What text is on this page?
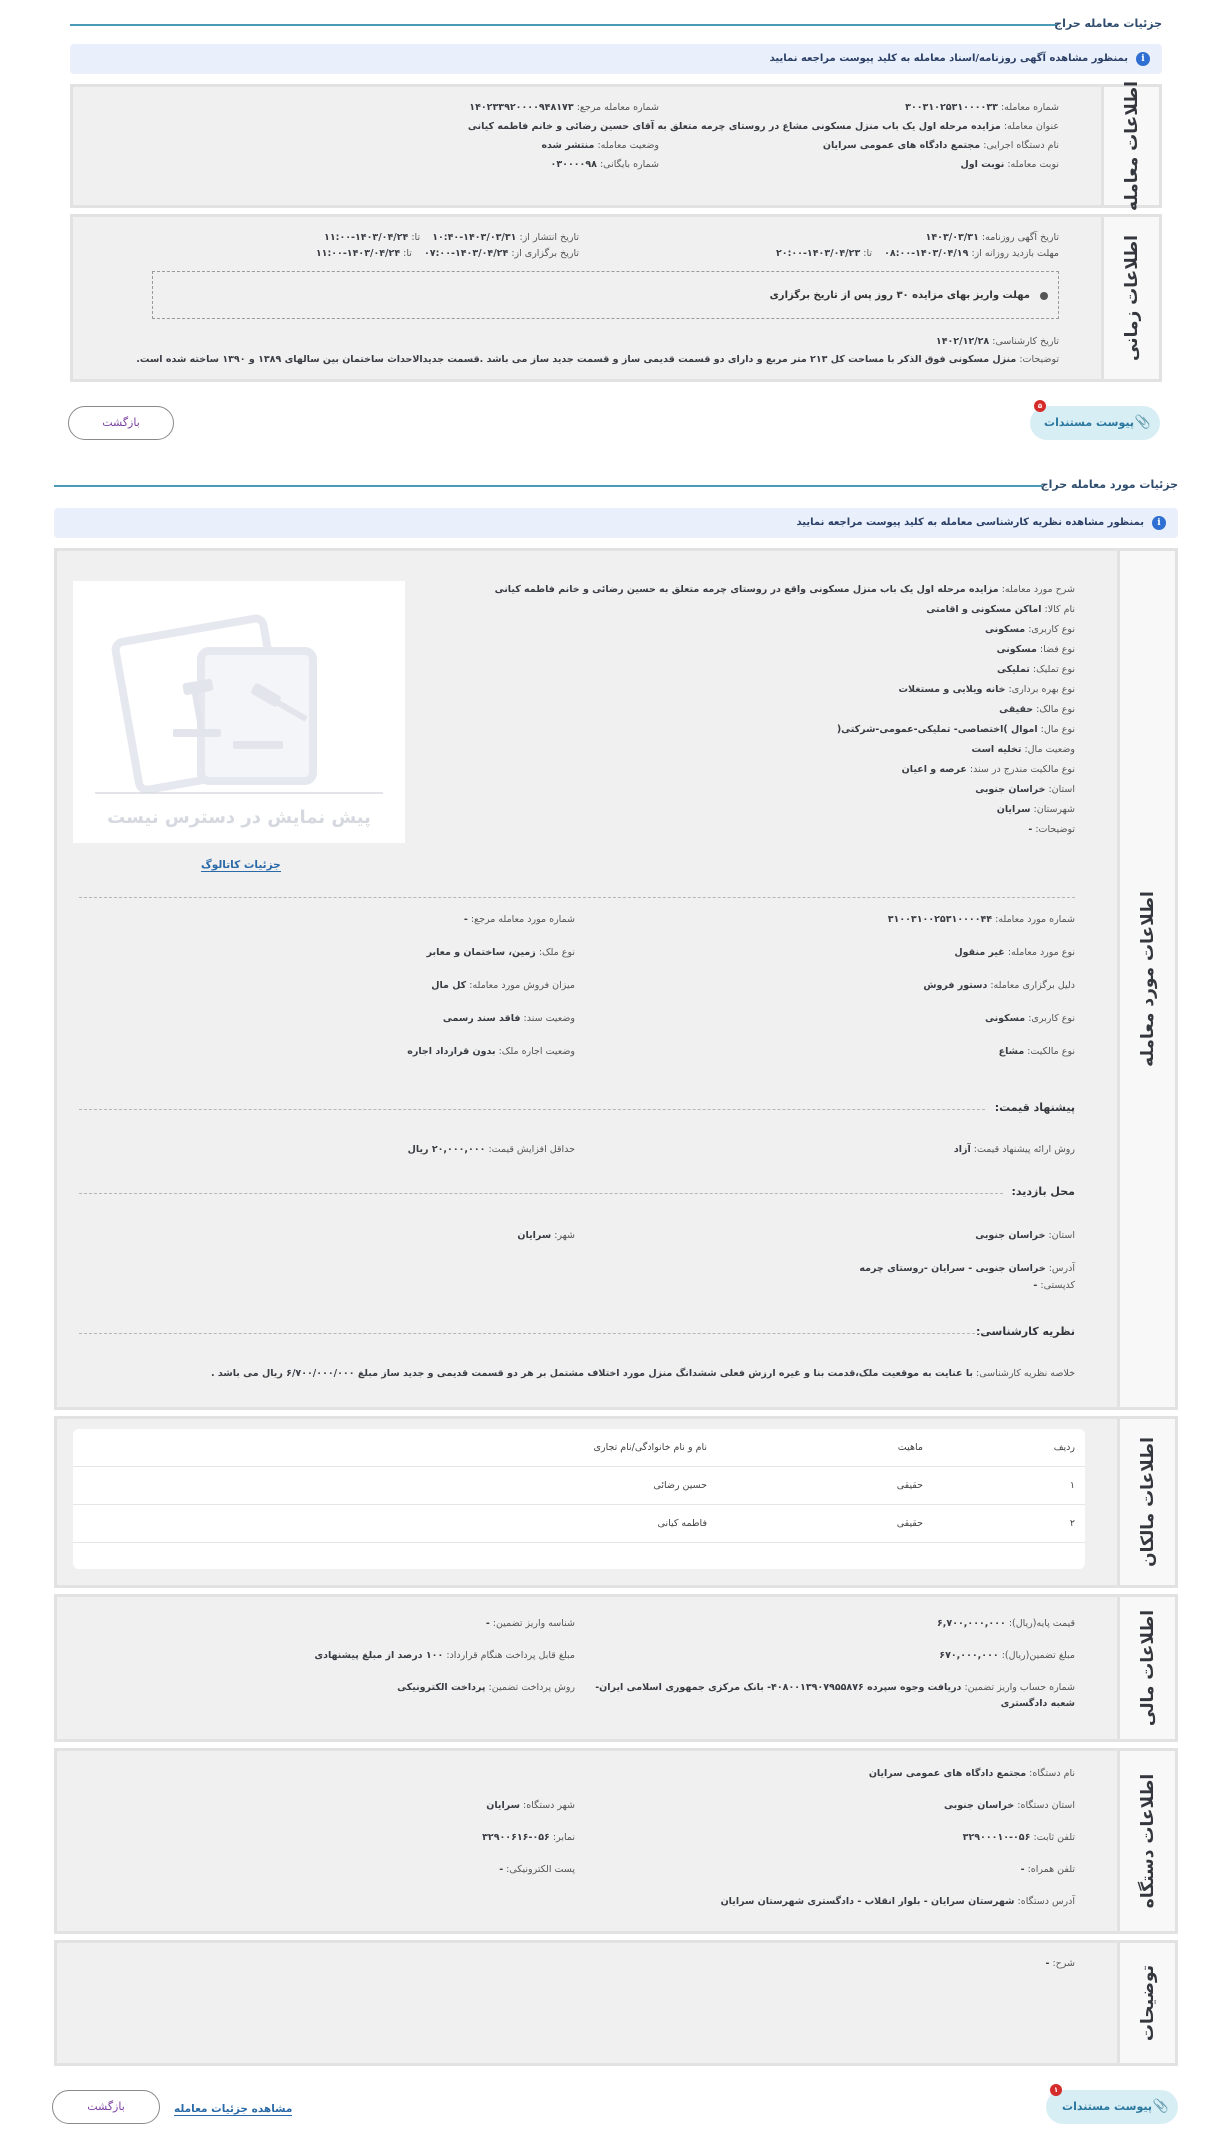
جزئیات معامله حراج
i
بمنظور مشاهده آگهی روزنامه/اسناد معامله به کلید پیوست مراجعه نمایید
اطلاعات معامله
شماره معامله: ۳۰۰۳۱۰۲۵۳۱۰۰۰۰۳۳
عنوان معامله: مزایده مرحله اول یک باب منزل مسکونی مشاع در روستای چرمه متعلق به آقای حسین رضائی و خانم فاطمه کیانی
نام دستگاه اجرایی: مجتمع دادگاه های عمومی سرایان
نوبت معامله: نوبت اول
شماره معامله مرجع: ۱۴۰۲۳۳۹۲۰۰۰۰۹۴۸۱۷۳
وضعیت معامله: منتشر شده
شماره بایگانی: ۰۳۰۰۰۰۹۸
اطلاعات زمانی
تاریخ آگهی روزنامه: ۱۴۰۳/۰۳/۳۱
مهلت بازدید روزانه از: ۱۴۰۳/۰۴/۱۹-۰۸:۰۰    تا: ۱۴۰۳/۰۴/۲۳-۲۰:۰۰
تاریخ انتشار از: ۱۴۰۳/۰۳/۳۱-۱۰:۴۰    تا: ۱۴۰۳/۰۴/۲۴-۱۱:۰۰
تاریخ برگزاری از: ۱۴۰۳/۰۴/۲۴-۰۷:۰۰    تا: ۱۴۰۳/۰۴/۲۴-۱۱:۰۰
مهلت واریز بهای مزایده ۳۰ روز پس از تاریخ برگزاری
تاریخ کارشناسی: ۱۴۰۲/۱۲/۲۸
توضیحات: منزل مسکونی فوق الذکر با مساحت کل ۲۱۳ متر مربع و دارای دو قسمت قدیمی ساز و قسمت جدید ساز می باشد .قسمت جدیدالاحداث ساختمان بین سالهای ۱۳۸۹ و ۱۳۹۰ ساخته شده است.
📎
پیوست مستندات
۵
بازگشت
جزئیات مورد معامله حراج
i
بمنظور مشاهده نظریه کارشناسی معامله به کلید پیوست مراجعه نمایید
اطلاعات مورد معامله
پیش نمایش در دسترس نیست
جزئیات کاتالوگ
شرح مورد معامله: مزایده مرحله اول یک باب منزل مسکونی واقع در روستای چرمه متعلق به حسین رضائی و خانم فاطمه کیانی
نام کالا: اماکن مسکونی و اقامتی
نوع کاربری: مسکونی
نوع فضا: مسکونی
نوع تملیک: تملیکی
نوع بهره برداری: خانه ویلایی و مستغلات
نوع مالک: حقیقی
نوع مال: اموال )اختصاصی- تملیکی-عمومی-شرکتی(
وضعیت مال: تخلیه است
نوع مالکیت مندرج در سند: عرصه و اعیان
استان: خراسان جنوبی
شهرستان: سرایان
توضیحات: -
شماره مورد معامله: ۳۱۰۰۳۱۰۰۲۵۳۱۰۰۰۰۴۴
نوع مورد معامله: غیر منقول
دلیل برگزاری معامله: دستور فروش
نوع کاربری: مسکونی
نوع مالکیت: مشاع
شماره مورد معامله مرجع: -
نوع ملک: زمین، ساختمان و معابر
میزان فروش مورد معامله: کل مال
وضعیت سند: فاقد سند رسمی
وضعیت اجاره ملک: بدون قرارداد اجاره
پیشنهاد قیمت:
روش ارائه پیشنهاد قیمت: آزاد
حداقل افزایش قیمت: ۲۰,۰۰۰,۰۰۰ ریال
محل بازدید:
استان: خراسان جنوبی
شهر: سرایان
آدرس: خراسان جنوبی - سرایان -روستای چرمه
کدپستی: -
نظریه کارشناسی:
خلاصه نظریه کارشناسی: با عنایت به موقعیت ملک،قدمت بنا و غیره ارزش فعلی ششدانگ منزل مورد اختلاف مشتمل بر هر دو قسمت قدیمی و جدید ساز مبلغ ۶/۷۰۰/۰۰۰/۰۰۰ ریال می باشد .
اطلاعات مالکان
ردیف
ماهیت
نام و نام خانوادگی/نام تجاری
۱
حقیقی
حسین رضائی
۲
حقیقی
فاطمه کیانی
اطلاعات مالی
قیمت پایه(ریال): ۶,۷۰۰,۰۰۰,۰۰۰
مبلغ تضمین(ریال): ۶۷۰,۰۰۰,۰۰۰
شماره حساب واریز تضمین: دریافت وجوه سپرده ۴۰۸۰۰۱۳۹۰۷۹۵۵۸۷۶- بانک مرکزی جمهوری اسلامی ایران-
شعبه دادگستری
شناسه واریز تضمین: -
مبلغ قابل پرداخت هنگام قرارداد: ۱۰۰ درصد از مبلغ پیشنهادی
روش پرداخت تضمین: پرداخت الکترونیکی
اطلاعات دستگاه
نام دستگاه: مجتمع دادگاه های عمومی سرایان
استان دستگاه: خراسان جنوبی
تلفن ثابت: ۰۵۶-۳۲۹۰۰۰۱۰
تلفن همراه: -
آدرس دستگاه: شهرستان سرایان - بلوار انقلاب - دادگستری شهرستان سرایان
شهر دستگاه: سرایان
نمابر: ۰۵۶-۳۲۹۰۰۶۱۶
پست الکترونیکی: -
توضیحات
شرح: -
📎
پیوست مستندات
۱
مشاهده جزئیات معامله
بازگشت
